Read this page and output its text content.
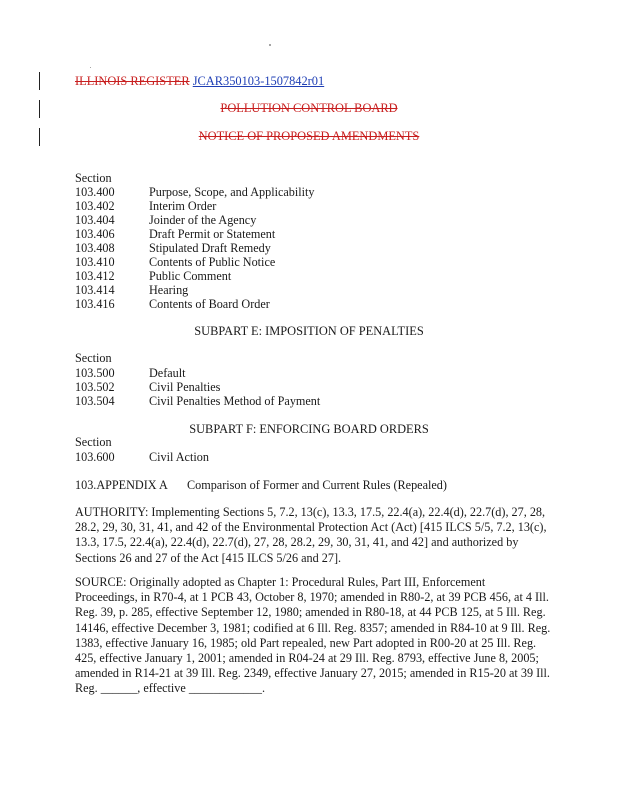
ILLINOIS REGISTER JCAR350103-1507842r01
POLLUTION CONTROL BOARD
NOTICE OF PROPOSED AMENDMENTS
Section
103.400	Purpose, Scope, and Applicability
103.402	Interim Order
103.404	Joinder of the Agency
103.406	Draft Permit or Statement
103.408	Stipulated Draft Remedy
103.410	Contents of Public Notice
103.412	Public Comment
103.414	Hearing
103.416	Contents of Board Order
SUBPART E: IMPOSITION OF PENALTIES
Section
103.500	Default
103.502	Civil Penalties
103.504	Civil Penalties Method of Payment
SUBPART F: ENFORCING BOARD ORDERS
Section
103.600	Civil Action
103.APPENDIX A Comparison of Former and Current Rules (Repealed)
AUTHORITY: Implementing Sections 5, 7.2, 13(c), 13.3, 17.5, 22.4(a), 22.4(d), 22.7(d), 27, 28,
28.2, 29, 30, 31, 41, and 42 of the Environmental Protection Act (Act) [415 ILCS 5/5, 7.2, 13(c),
13.3, 17.5, 22.4(a), 22.4(d), 22.7(d), 27, 28, 28.2, 29, 30, 31, 41, and 42] and authorized by
Sections 26 and 27 of the Act [415 ILCS 5/26 and 27].
SOURCE: Originally adopted as Chapter 1: Procedural Rules, Part III, Enforcement
Proceedings, in R70-4, at 1 PCB 43, October 8, 1970; amended in R80-2, at 39 PCB 456, at 4 Ill.
Reg. 39, p. 285, effective September 12, 1980; amended in R80-18, at 44 PCB 125, at 5 Ill. Reg.
14146, effective December 3, 1981; codified at 6 Ill. Reg. 8357; amended in R84-10 at 9 Ill. Reg.
1383, effective January 16, 1985; old Part repealed, new Part adopted in R00-20 at 25 Ill. Reg.
425, effective January 1, 2001; amended in R04-24 at 29 Ill. Reg. 8793, effective June 8, 2005;
amended in R14-21 at 39 Ill. Reg. 2349, effective January 27, 2015; amended in R15-20 at 39 Ill.
Reg. ______, effective ____________.
